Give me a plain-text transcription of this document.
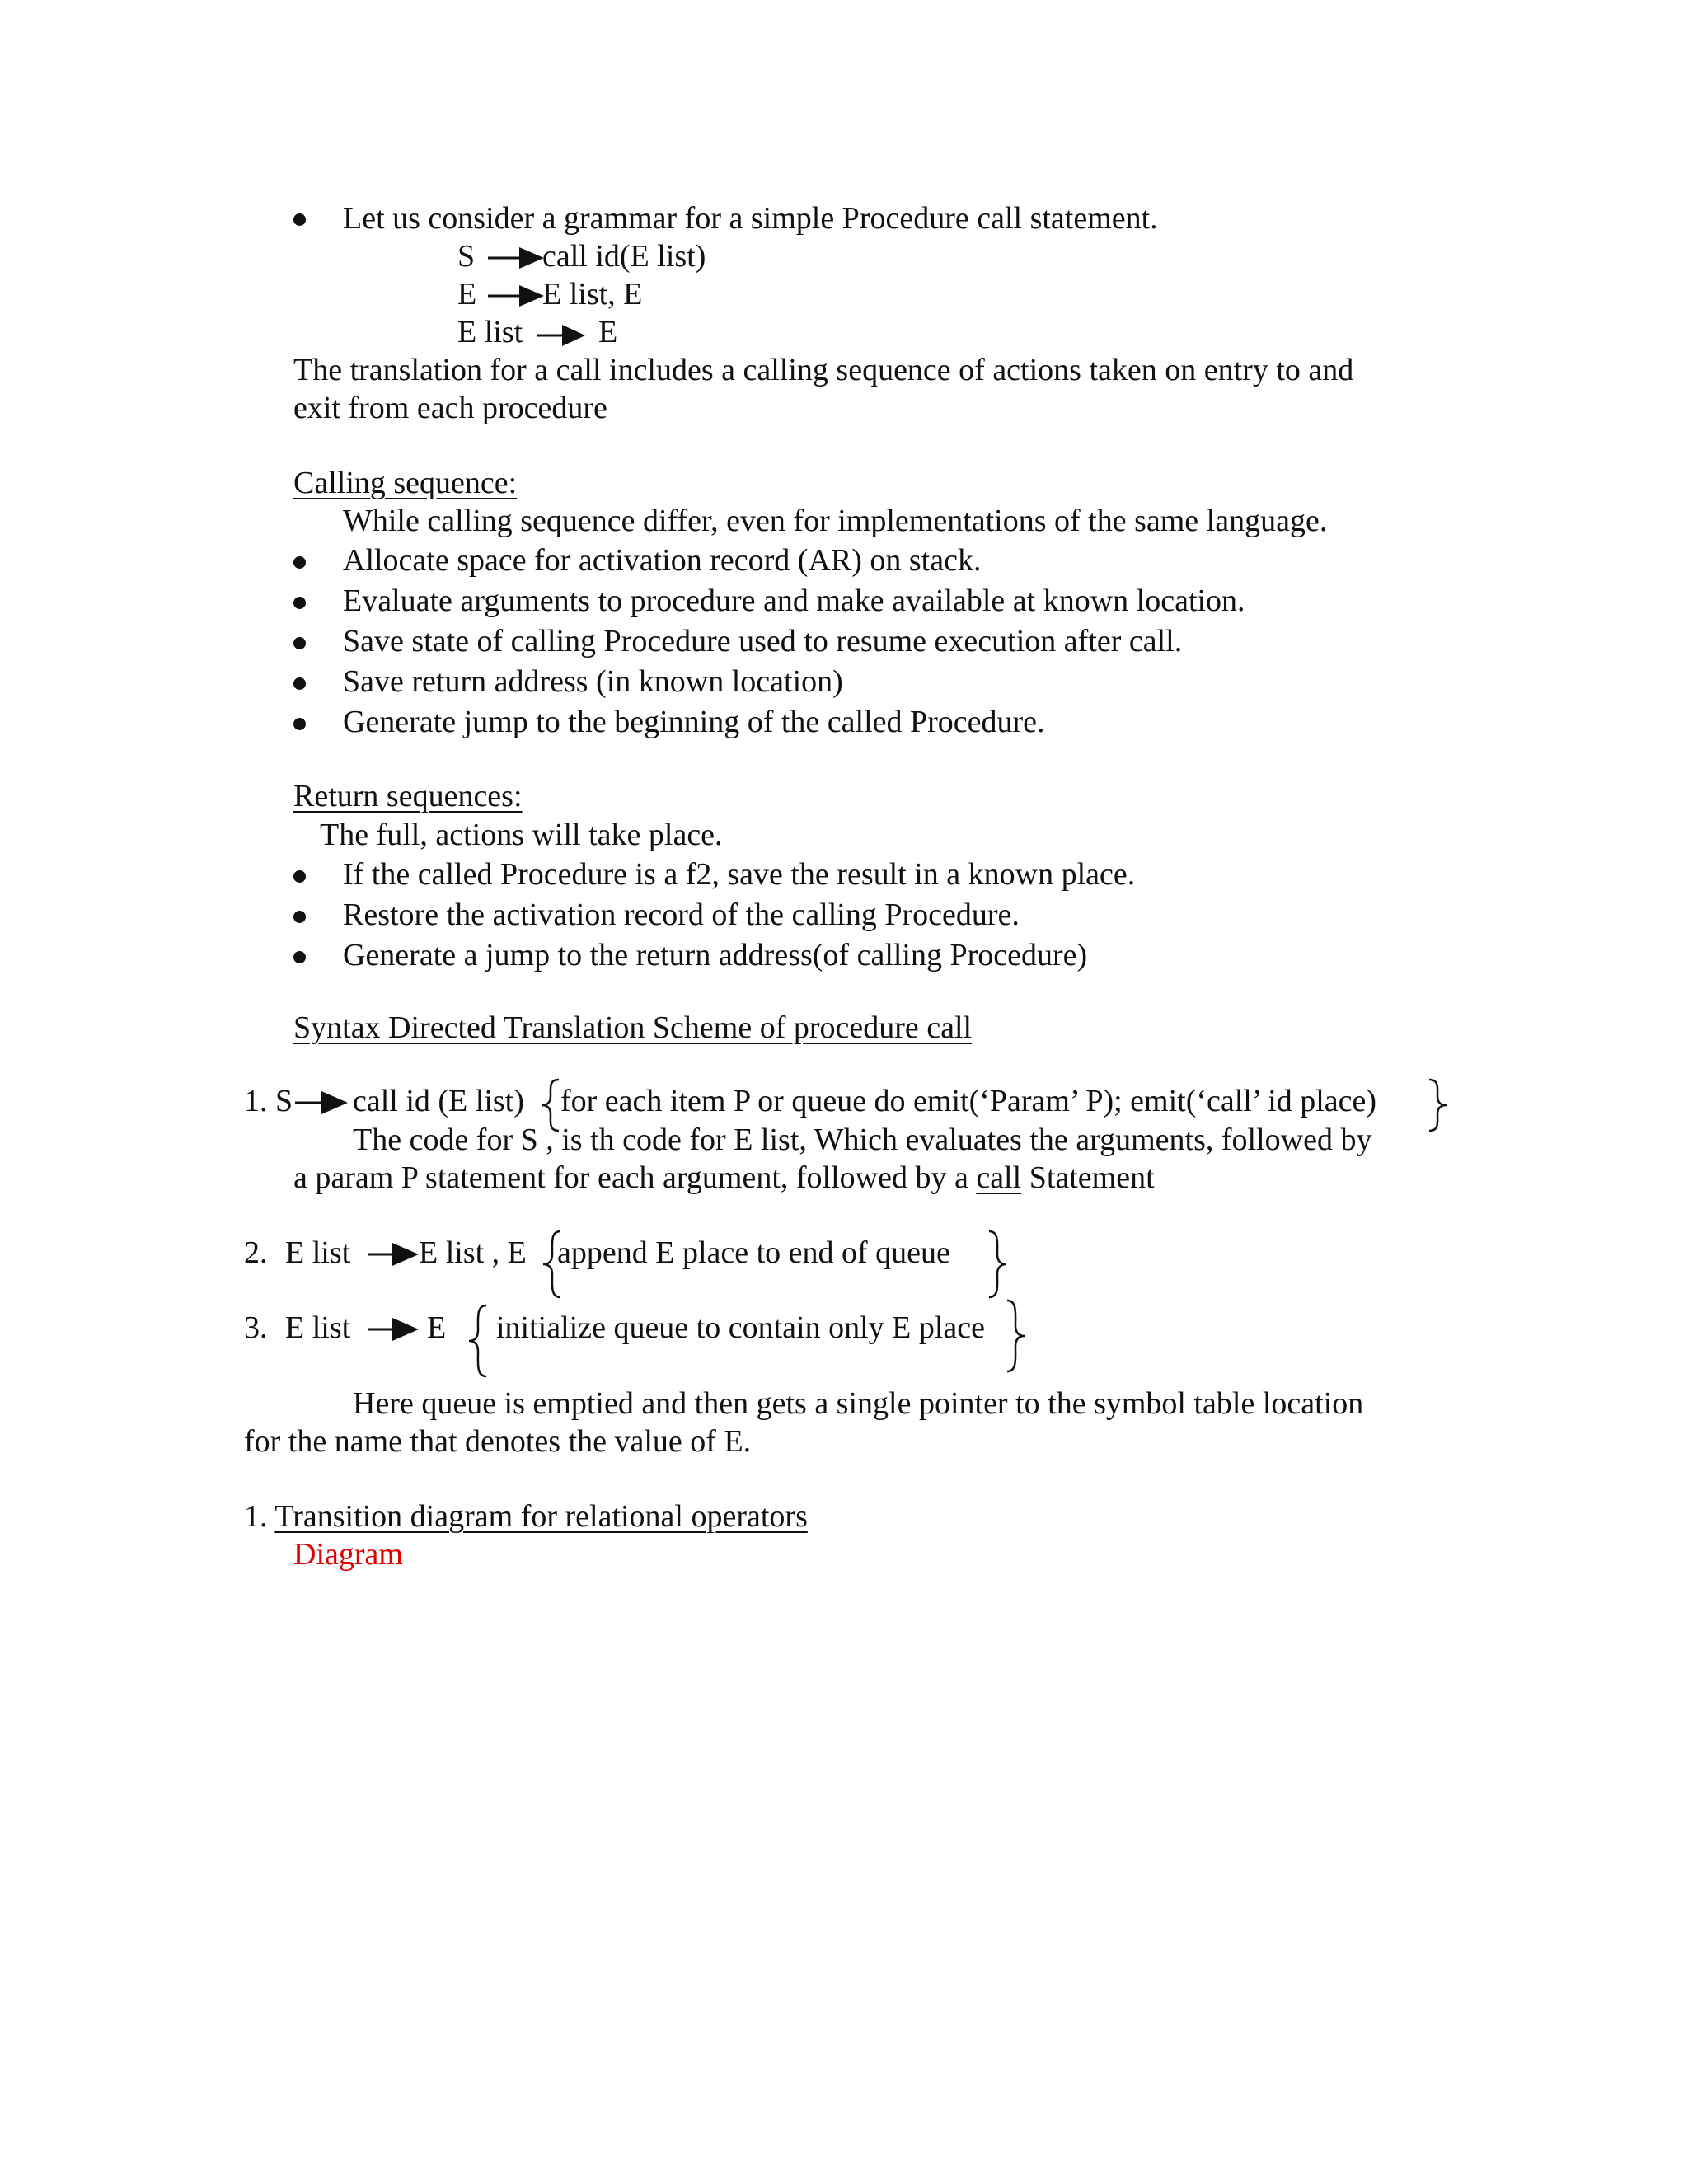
Let us consider a grammar for a simple Procedure call statement.
S call id(E list)
E E list, E
E list E
The translation for a call includes a calling sequence of actions taken on entry to and
exit from each procedure
Calling sequence:
While calling sequence differ, even for implementations of the same language.
Allocate space for activation record (AR) on stack.
Evaluate arguments to procedure and make available at known location.
Save state of calling Procedure used to resume execution after call.
Save return address (in known location)
Generate jump to the beginning of the called Procedure.
Return sequences:
The full, actions will take place.
If the called Procedure is a f2, save the result in a known place.
Restore the activation record of the calling Procedure.
Generate a jump to the return address(of calling Procedure)
Syntax Directed Translation Scheme of procedure call
1. S call id (E list) for each item P or queue do emit(‘Param’ P); emit(‘call’ id place)
The code for S , is th code for E list, Which evaluates the arguments, followed by
a param P statement for each argument, followed by a call Statement
2. E list E list , E append E place to end of queue
3. E list E initialize queue to contain only E place
Here queue is emptied and then gets a single pointer to the symbol table location
for the name that denotes the value of E.
1. Transition diagram for relational operators
Diagram
